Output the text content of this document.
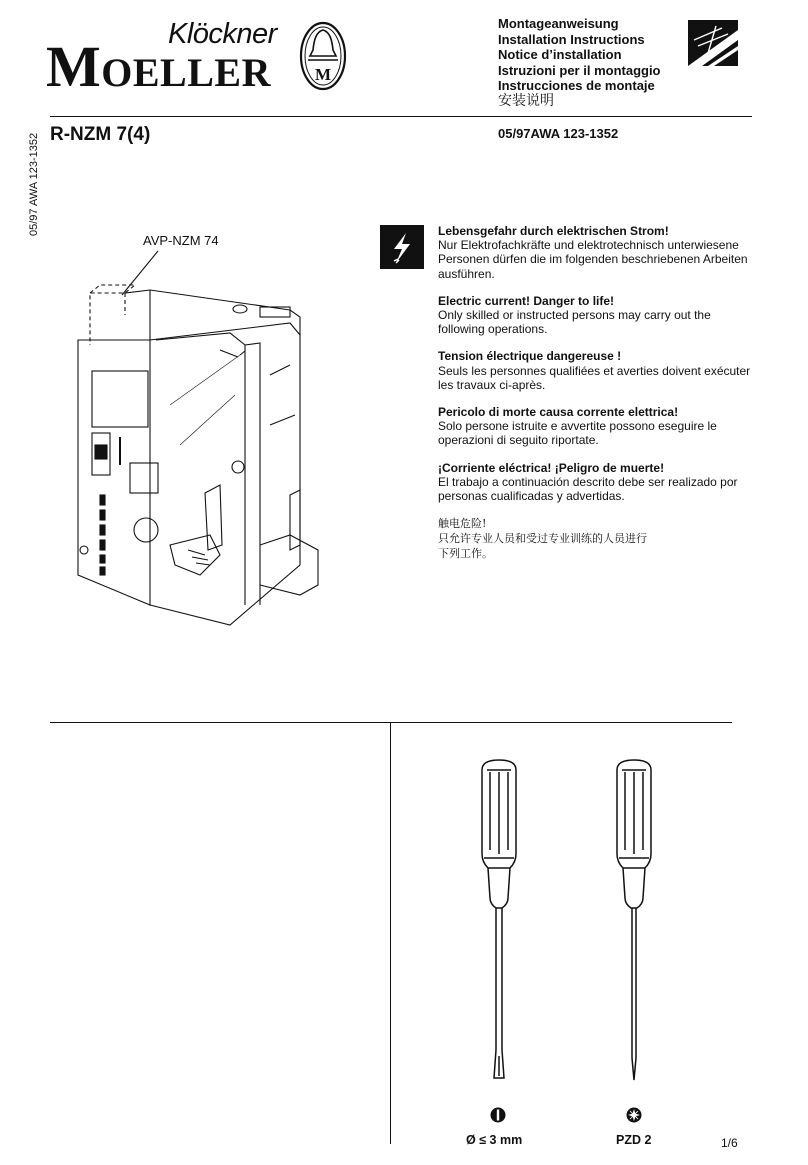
Klöckner
MOELLER	M
Montageanweisung
Installation Instructions
Notice d’installation
Istruzioni per il montaggio
Instrucciones de montaje
安装说明
R-NZM 7(4)	05/97AWA 123-1352
05/97 AWA 123-1352
AVP-NZM 74
Lebensgefahr durch elektrischen Strom!
Nur Elektrofachkräfte und elektrotechnisch unterwiesene Personen dürfen die im folgenden beschriebenen Arbeiten ausführen.
Electric current! Danger to life!
Only skilled or instructed persons may carry out the following operations.
Tension électrique dangereuse !
Seuls les personnes qualifiées et averties doivent exécuter les travaux ci-après.
Pericolo di morte causa corrente elettrica!
Solo persone istruite e avvertite possono eseguire le operazioni di seguito riportate.
¡Corriente eléctrica! ¡Peligro de muerte!
El trabajo a continuación descrito debe ser realizado por personas cualificadas y advertidas.
触电危险!
只允许专业人员和受过专业训练的人员进行下列工作。
Ø ≤ 3 mm	PZD 2	1/6
